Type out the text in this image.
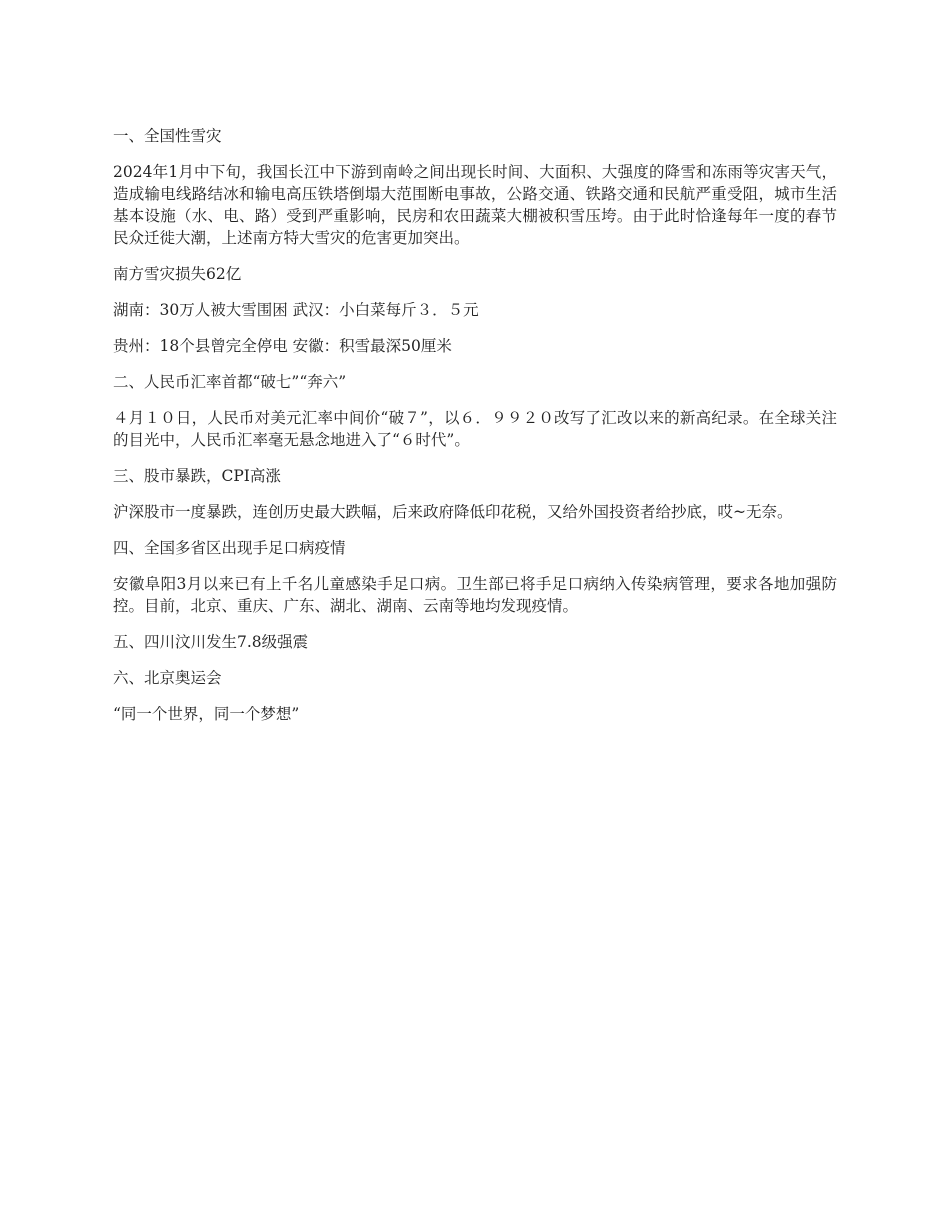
一、全国性雪灾

2024年1月中下旬，我国长江中下游到南岭之间出现长时间、大面积、大强度的降雪和冻雨等灾害天气，造成输电线路结冰和输电高压铁塔倒塌大范围断电事故，公路交通、铁路交通和民航严重受阻，城市生活基本设施（水、电、路）受到严重影响，民房和农田蔬菜大棚被积雪压垮。由于此时恰逢每年一度的春节民众迁徙大潮，上述南方特大雪灾的危害更加突出。

南方雪灾损失62亿

湖南：30万人被大雪围困 武汉：小白菜每斤３．５元

贵州：18个县曾完全停电 安徽：积雪最深50厘米

二、人民币汇率首都“破七”“奔六”

４月１０日，人民币对美元汇率中间价“破７”，以６．９９２０改写了汇改以来的新高纪录。在全球关注的目光中，人民币汇率毫无悬念地进入了“６时代”。

三、股市暴跌，CPI高涨

沪深股市一度暴跌，连创历史最大跌幅，后来政府降低印花税，又给外国投资者给抄底，哎~无奈。

四、全国多省区出现手足口病疫情

安徽阜阳3月以来已有上千名儿童感染手足口病。卫生部已将手足口病纳入传染病管理，要求各地加强防控。目前，北京、重庆、广东、湖北、湖南、云南等地均发现疫情。

五、四川汶川发生7.8级强震

六、北京奥运会

“同一个世界，同一个梦想”
